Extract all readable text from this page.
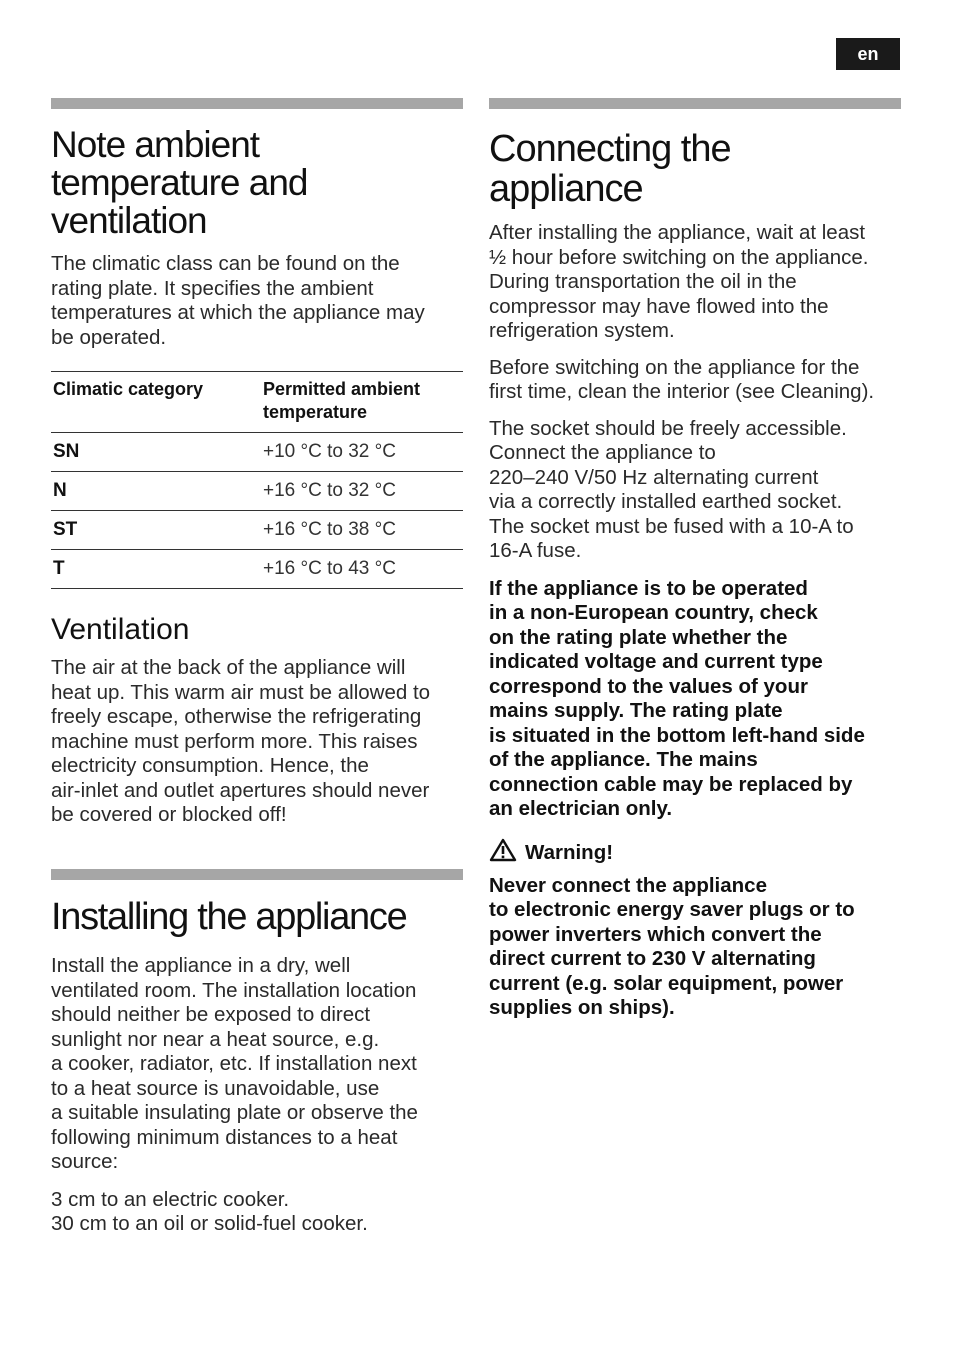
en
Note ambient
temperature and
ventilation

The climatic class can be found on the
rating plate. It specifies the ambient
temperatures at which the appliance may
be operated.

Climatic category	Permitted ambient
temperature
SN	+10 °C to 32 °C
N	+16 °C to 32 °C
ST	+16 °C to 38 °C
T	+16 °C to 43 °C
Ventilation

The air at the back of the appliance will
heat up. This warm air must be allowed to
freely escape, otherwise the refrigerating
machine must perform more. This raises
electricity consumption. Hence, the
air-inlet and outlet apertures should never
be covered or blocked off!

Installing the appliance

Install the appliance in a dry, well
ventilated room. The installation location
should neither be exposed to direct
sunlight nor near a heat source, e.g.
a cooker, radiator, etc. If installation next
to a heat source is unavoidable, use
a suitable insulating plate or observe the
following minimum distances to a heat
source:

3 cm to an electric cooker.
30 cm to an oil or solid-fuel cooker.

Connecting the
appliance

After installing the appliance, wait at least
½ hour before switching on the appliance.
During transportation the oil in the
compressor may have flowed into the
refrigeration system.

Before switching on the appliance for the
first time, clean the interior (see Cleaning).

The socket should be freely accessible.
Connect the appliance to
220–240 V/50 Hz alternating current
via a correctly installed earthed socket.
The socket must be fused with a 10-A to
16-A fuse.

If the appliance is to be operated
in a non-European country, check
on the rating plate whether the
indicated voltage and current type
correspond to the values of your
mains supply. The rating plate
is situated in the bottom left-hand side
of the appliance. The mains
connection cable may be replaced by
an electrician only.

Warning!

Never connect the appliance
to electronic energy saver plugs or to
power inverters which convert the
direct current to 230 V alternating
current (e.g. solar equipment, power
supplies on ships).
